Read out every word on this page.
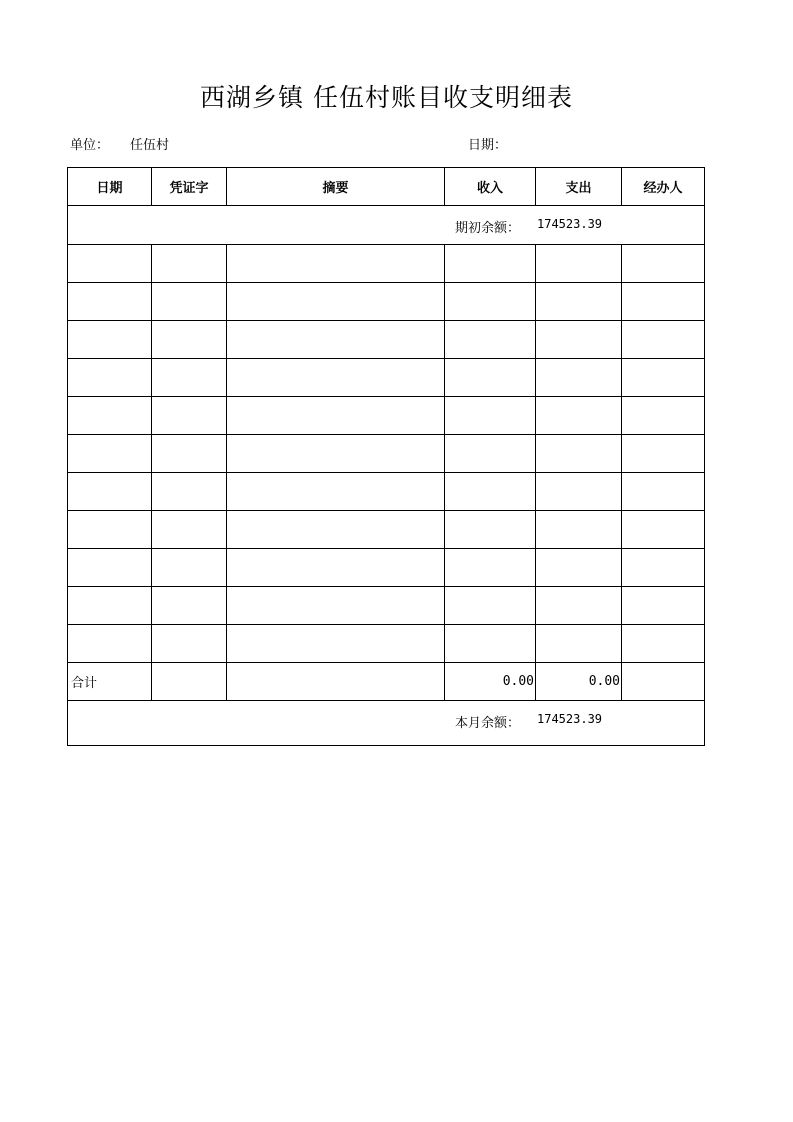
西湖乡镇 任伍村账目收支明细表
单位： 任伍村	日期：
日期	凭证字	摘要	收入	支出	经办人

期初余额： 174523.39					

合计			0.00	0.00	

本月余额： 174523.39					
